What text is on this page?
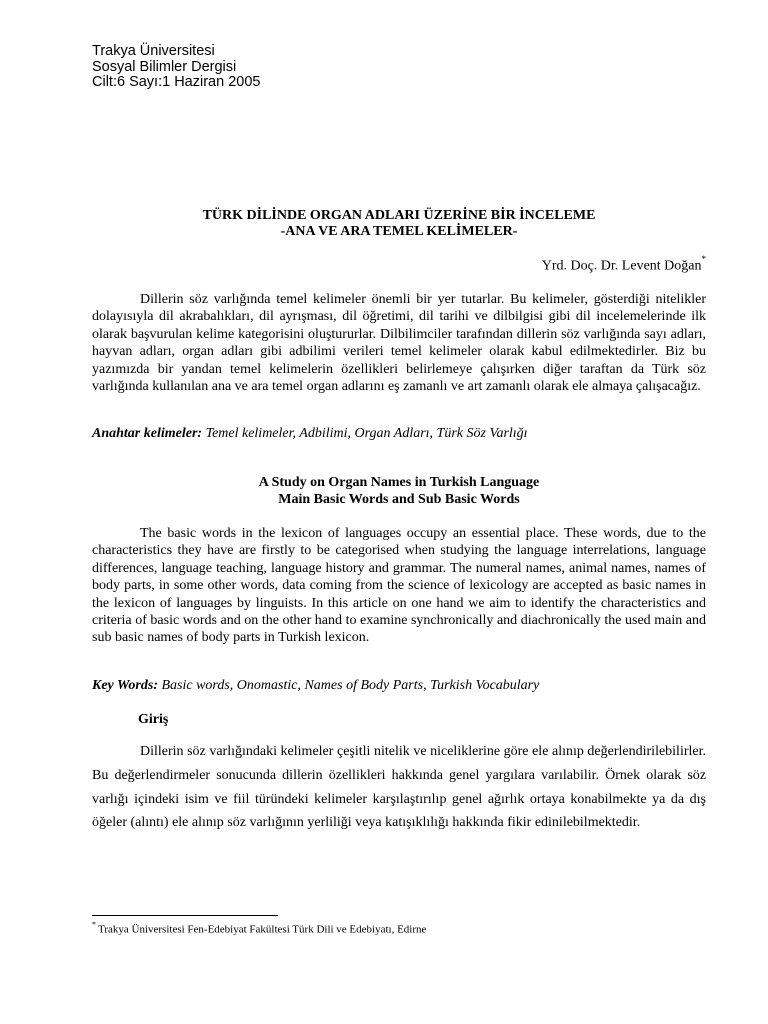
Trakya Üniversitesi
Sosyal Bilimler Dergisi
Cilt:6 Sayı:1 Haziran 2005
TÜRK DİLİNDE ORGAN ADLARI ÜZERİNE BİR İNCELEME
-ANA VE ARA TEMEL KELİMELER-
Yrd. Doç. Dr. Levent Doğan*

Dillerin söz varlığında temel kelimeler önemli bir yer tutarlar. Bu kelimeler, gösterdiği nitelikler dolayısıyla dil akrabalıkları, dil ayrışması, dil öğretimi, dil tarihi ve dilbilgisi gibi dil incelemelerinde ilk olarak başvurulan kelime kategorisini oluştururlar. Dilbilimciler tarafından dillerin söz varlığında sayı adları, hayvan adları, organ adları gibi adbilimi verileri temel kelimeler olarak kabul edilmektedirler. Biz bu yazımızda bir yandan temel kelimelerin özellikleri belirlemeye çalışırken diğer taraftan da Türk söz varlığında kullanılan ana ve ara temel organ adlarını eş zamanlı ve art zamanlı olarak ele almaya çalışacağız.

Anahtar kelimeler: Temel kelimeler, Adbilimi, Organ Adları, Türk Söz Varlığı
A Study on Organ Names in Turkish Language
Main Basic Words and Sub Basic Words

The basic words in the lexicon of languages occupy an essential place. These words, due to the characteristics they have are firstly to be categorised when studying the language interrelations, language differences, language teaching, language history and grammar. The numeral names, animal names, names of body parts, in some other words, data coming from the science of lexicology are accepted as basic names in the lexicon of languages by linguists. In this article on one hand we aim to identify the characteristics and criteria of basic words and on the other hand to examine synchronically and diachronically the used main and sub basic names of body parts in Turkish lexicon.

Key Words: Basic words, Onomastic, Names of Body Parts, Turkish Vocabulary
Giriş

Dillerin söz varlığındaki kelimeler çeşitli nitelik ve niceliklerine göre ele alınıp değerlendirilebilirler. Bu değerlendirmeler sonucunda dillerin özellikleri hakkında genel yargılara varılabilir. Örnek olarak söz varlığı içindeki isim ve fiil türündeki kelimeler karşılaştırılıp genel ağırlık ortaya konabilmekte ya da dış öğeler (alıntı) ele alınıp söz varlığının yerliliği veya katışıklılığı hakkında fikir edinilebilmektedir.

* Trakya Üniversitesi Fen-Edebiyat Fakültesi Türk Dili ve Edebiyatı, Edirne
